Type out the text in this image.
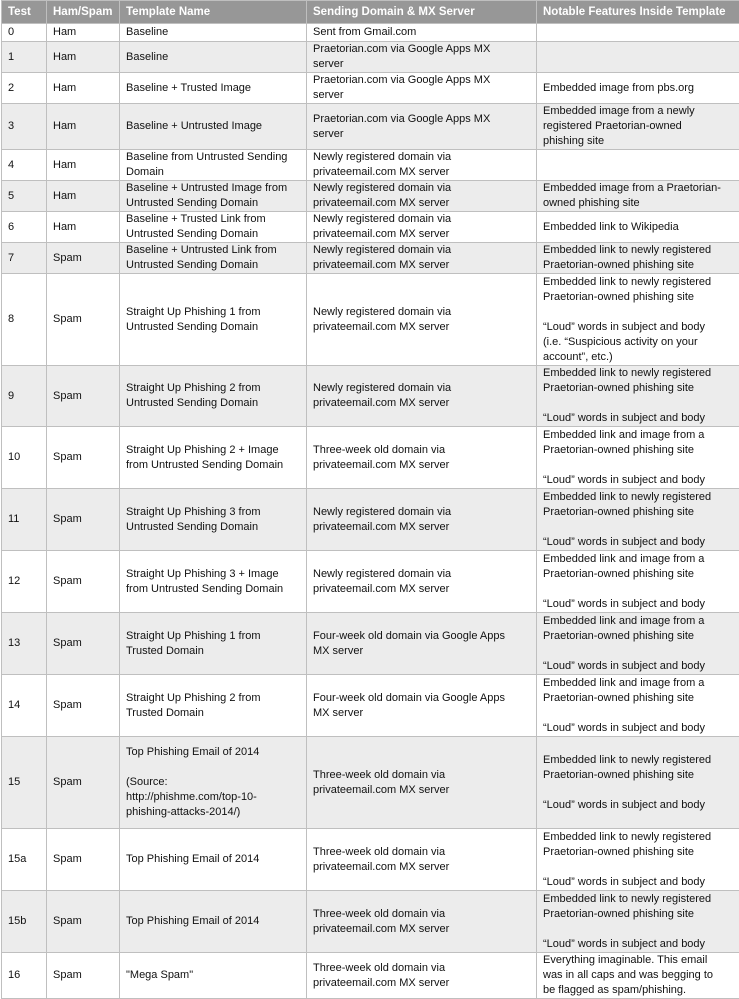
Test	Ham/Spam	Template Name	Sending Domain & MX Server	Notable Features Inside Template
0	Ham	Baseline	Sent from Gmail.com	
1	Ham	Baseline	Praetorian.com via Google Apps MX
server	
2	Ham	Baseline + Trusted Image	Praetorian.com via Google Apps MX
server	Embedded image from pbs.org
3	Ham	Baseline + Untrusted Image	Praetorian.com via Google Apps MX
server	Embedded image from a newly
registered Praetorian-owned
phishing site
4	Ham	Baseline from Untrusted Sending
Domain	Newly registered domain via
privateemail.com MX server	
5	Ham	Baseline + Untrusted Image from
Untrusted Sending Domain	Newly registered domain via
privateemail.com MX server	Embedded image from a Praetorian-
owned phishing site
6	Ham	Baseline + Trusted Link from
Untrusted Sending Domain	Newly registered domain via
privateemail.com MX server	Embedded link to Wikipedia
7	Spam	Baseline + Untrusted Link from
Untrusted Sending Domain	Newly registered domain via
privateemail.com MX server	Embedded link to newly registered
Praetorian-owned phishing site
8	Spam	Straight Up Phishing 1 from
Untrusted Sending Domain	Newly registered domain via
privateemail.com MX server	Embedded link to newly registered
Praetorian-owned phishing site

“Loud” words in subject and body
(i.e. “Suspicious activity on your
account”, etc.)
9	Spam	Straight Up Phishing 2 from
Untrusted Sending Domain	Newly registered domain via
privateemail.com MX server	Embedded link to newly registered
Praetorian-owned phishing site

“Loud” words in subject and body
10	Spam	Straight Up Phishing 2 + Image
from Untrusted Sending Domain	Three-week old domain via
privateemail.com MX server	Embedded link and image from a
Praetorian-owned phishing site

“Loud” words in subject and body
11	Spam	Straight Up Phishing 3 from
Untrusted Sending Domain	Newly registered domain via
privateemail.com MX server	Embedded link to newly registered
Praetorian-owned phishing site

“Loud” words in subject and body
12	Spam	Straight Up Phishing 3 + Image
from Untrusted Sending Domain	Newly registered domain via
privateemail.com MX server	Embedded link and image from a
Praetorian-owned phishing site

“Loud” words in subject and body
13	Spam	Straight Up Phishing 1 from
Trusted Domain	Four-week old domain via Google Apps
MX server	Embedded link and image from a
Praetorian-owned phishing site

“Loud” words in subject and body
14	Spam	Straight Up Phishing 2 from
Trusted Domain	Four-week old domain via Google Apps
MX server	Embedded link and image from a
Praetorian-owned phishing site

“Loud” words in subject and body
15	Spam	Top Phishing Email of 2014

(Source:
http://phishme.com/top-10-
phishing-attacks-2014/)	Three-week old domain via
privateemail.com MX server	Embedded link to newly registered
Praetorian-owned phishing site

“Loud” words in subject and body
15a	Spam	Top Phishing Email of 2014	Three-week old domain via
privateemail.com MX server	Embedded link to newly registered
Praetorian-owned phishing site

“Loud” words in subject and body
15b	Spam	Top Phishing Email of 2014	Three-week old domain via
privateemail.com MX server	Embedded link to newly registered
Praetorian-owned phishing site

“Loud” words in subject and body
16	Spam	"Mega Spam"	Three-week old domain via
privateemail.com MX server	Everything imaginable. This email
was in all caps and was begging to
be flagged as spam/phishing.
